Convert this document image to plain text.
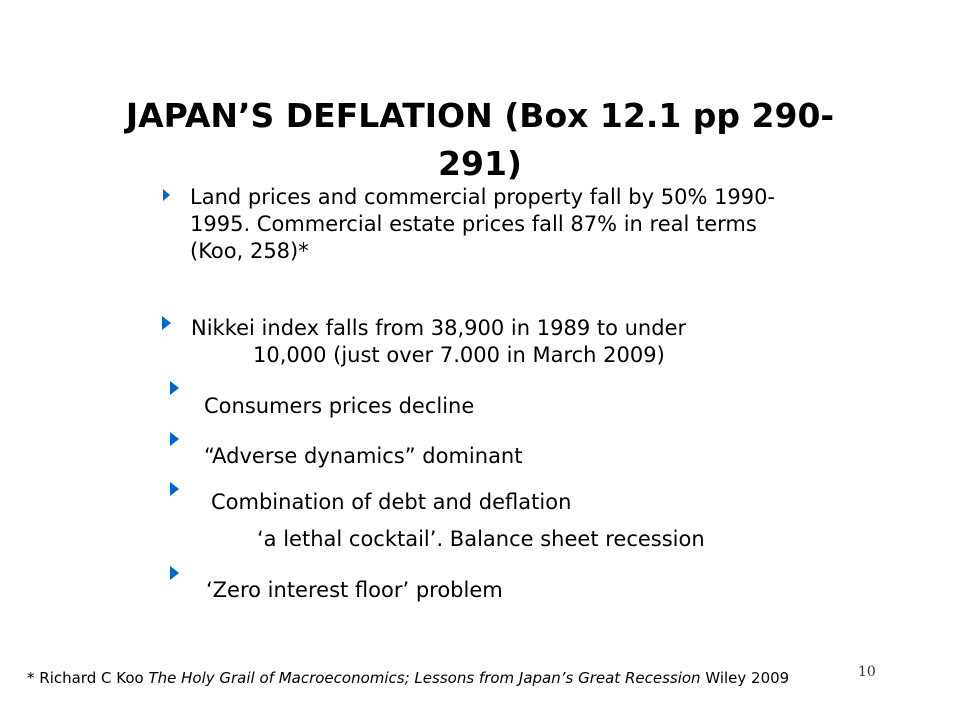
JAPAN’S DEFLATION (Box 12.1 pp 290-291)
Land prices and commercial property fall by 50% 1990-
1995. Commercial estate prices fall 87% in real terms
(Koo, 258)*
Nikkei index falls from 38,900 in 1989 to under
10,000 (just over 7.000 in March 2009)
Consumers prices decline
“Adverse dynamics” dominant
Combination of debt and deflation
‘a lethal cocktail’. Balance sheet recession
‘Zero interest floor’ problem
* Richard C Koo The Holy Grail of Macroeconomics; Lessons from Japan’s Great Recession Wiley 2009	10
